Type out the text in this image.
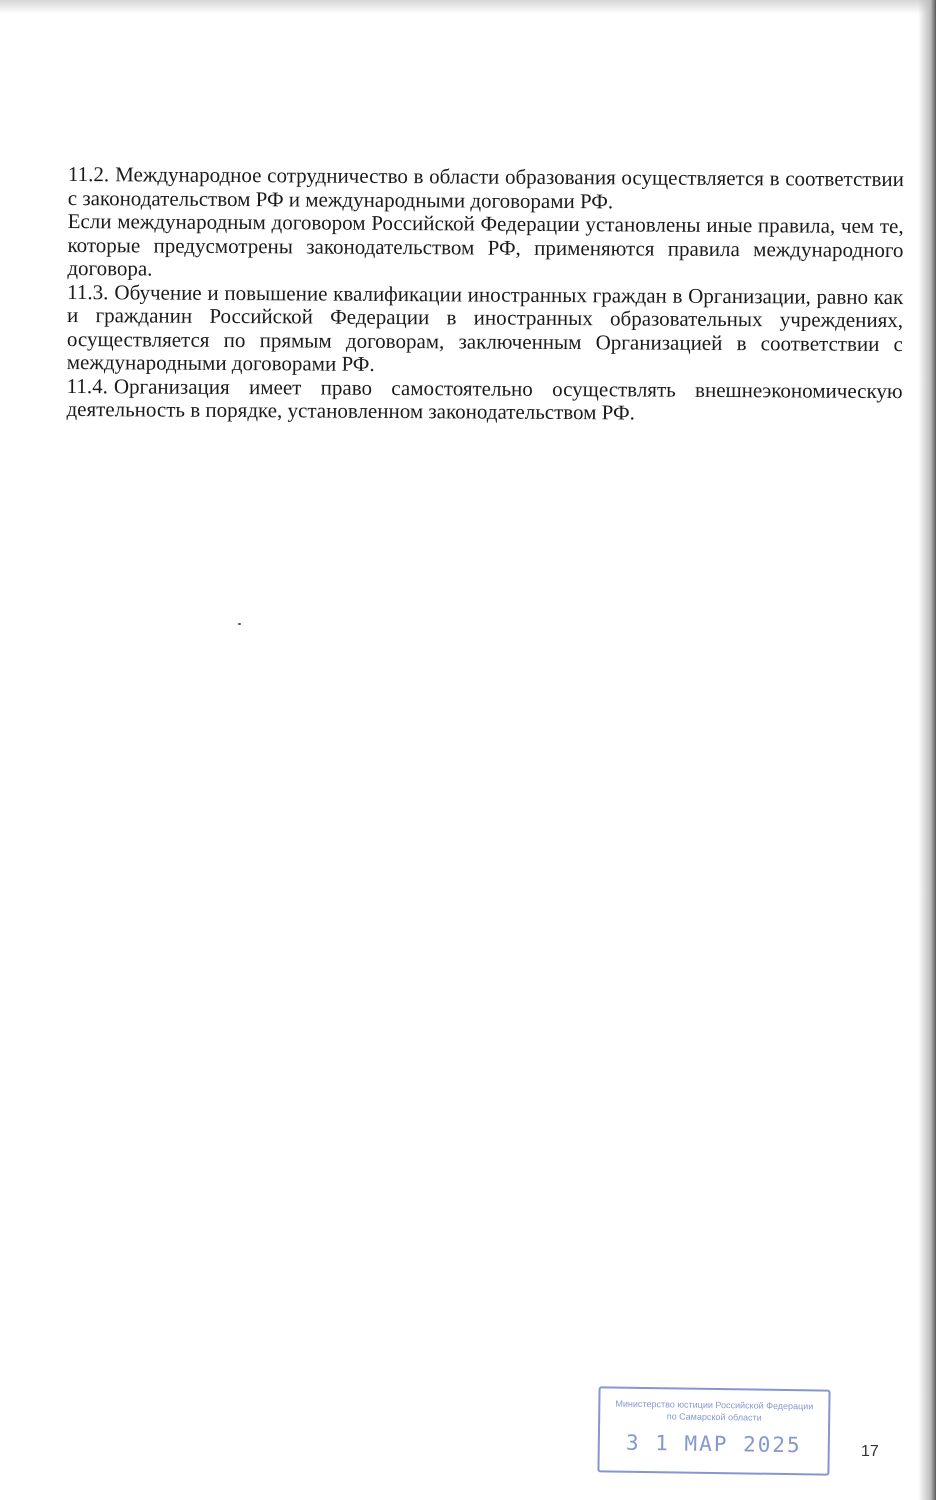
11.2. Международное сотрудничество в области образования осуществляется в соответствии с законодательством РФ и международными договорами РФ.

Если международным договором Российской Федерации установлены иные правила, чем те, которые предусмотрены законодательством РФ, применяются правила международного договора.

11.3. Обучение и повышение квалификации иностранных граждан в Организации, равно как и гражданин Российской Федерации в иностранных образовательных учреждениях, осуществляется по прямым договорам, заключенным Организацией в соответствии с международными договорами РФ.

11.4. Организация имеет право самостоятельно осуществлять внешнеэкономическую деятельность в порядке, установленном законодательством РФ.

Министерство юстиции Российской Федерации
по Самарской области
3 1 МАР 2025	17
